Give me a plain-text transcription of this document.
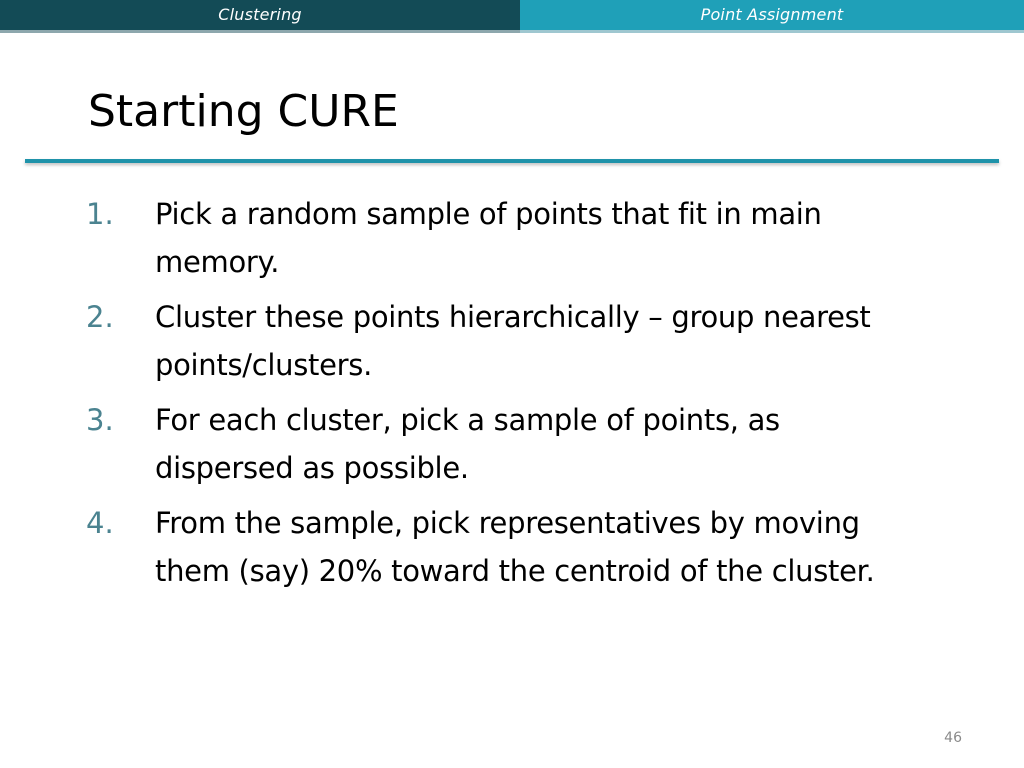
Clustering	Point Assignment
Starting CURE
1. Pick a random sample of points that fit in main memory.
2. Cluster these points hierarchically – group nearest points/clusters.
3. For each cluster, pick a sample of points, as dispersed as possible.
4. From the sample, pick representatives by moving them (say) 20% toward the centroid of the cluster.
46
